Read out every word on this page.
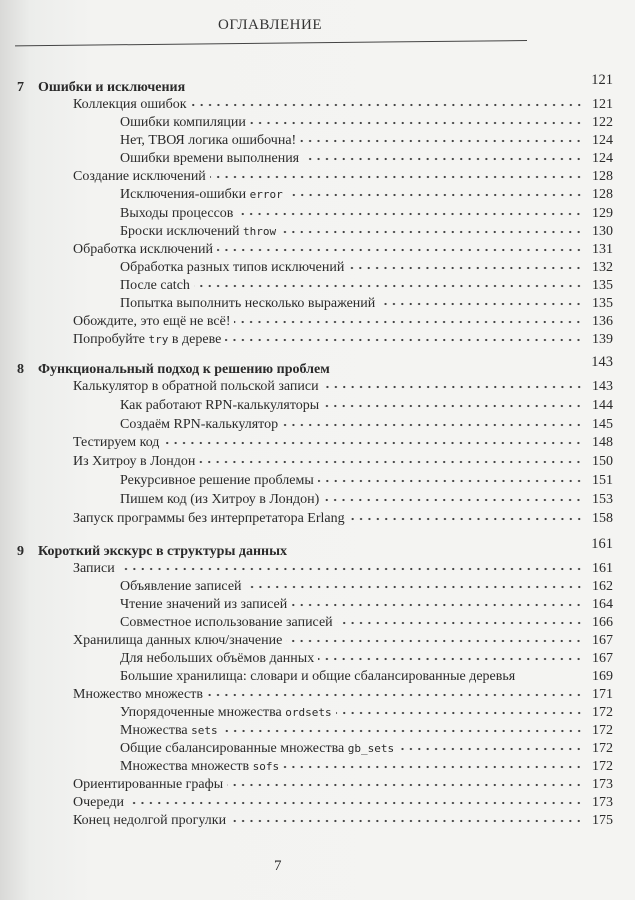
ОГЛАВЛЕНИЕ
7 Ошибки и исключения	121
Коллекция ошибок	121
Ошибки компиляции	122
Нет, ТВОЯ логика ошибочна!	124
Ошибки времени выполнения	124
Создание исключений	128
Исключения-ошибки error	128
Выходы процессов	129
Броски исключений throw	130
Обработка исключений	131
Обработка разных типов исключений	132
После catch	135
Попытка выполнить несколько выражений	135
Обождите, это ещё не всё!	136
Попробуйте try в дереве	139
8 Функциональный подход к решению проблем	143
Калькулятор в обратной польской записи	143
Как работают RPN-калькуляторы	144
Создаём RPN-калькулятор	145
Тестируем код	148
Из Хитроу в Лондон	150
Рекурсивное решение проблемы	151
Пишем код (из Хитроу в Лондон)	153
Запуск программы без интерпретатора Erlang	158
9 Короткий экскурс в структуры данных	161
Записи	161
Объявление записей	162
Чтение значений из записей	164
Совместное использование записей	166
Хранилища данных ключ/значение	167
Для небольших объёмов данных	167
Большие хранилища: словари и общие сбалансированные деревья	169
Множество множеств	171
Упорядоченные множества ordsets	172
Множества sets	172
Общие сбалансированные множества gb_sets	172
Множества множеств sofs	172
Ориентированные графы	173
Очереди	173
Конец недолгой прогулки	175
7
